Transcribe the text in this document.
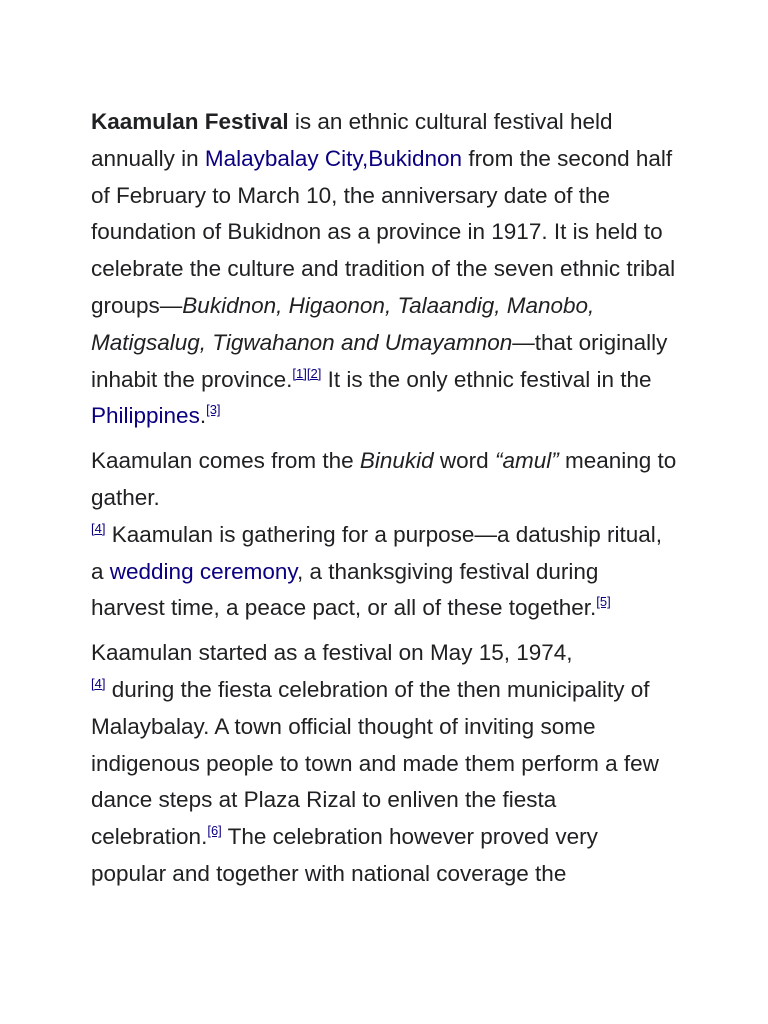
Kaamulan Festival is an ethnic cultural festival held annually in Malaybalay City,Bukidnon from the second half of February to March 10, the anniversary date of the foundation of Bukidnon as a province in 1917. It is held to celebrate the culture and tradition of the seven ethnic tribal groups—Bukidnon, Higaonon, Talaandig, Manobo, Matigsalug, Tigwahanon and Umayamnon—that originally inhabit the province.[1][2] It is the only ethnic festival in the Philippines.[3]

Kaamulan comes from the Binukid word “amul” meaning to gather.
[4] Kaamulan is gathering for a purpose—a datuship ritual, a wedding ceremony, a thanksgiving festival during harvest time, a peace pact, or all of these together.[5]

Kaamulan started as a festival on May 15, 1974,
[4] during the fiesta celebration of the then municipality of Malaybalay. A town official thought of inviting some indigenous people to town and made them perform a few dance steps at Plaza Rizal to enliven the fiesta celebration.[6] The celebration however proved very popular and together with national coverage the
